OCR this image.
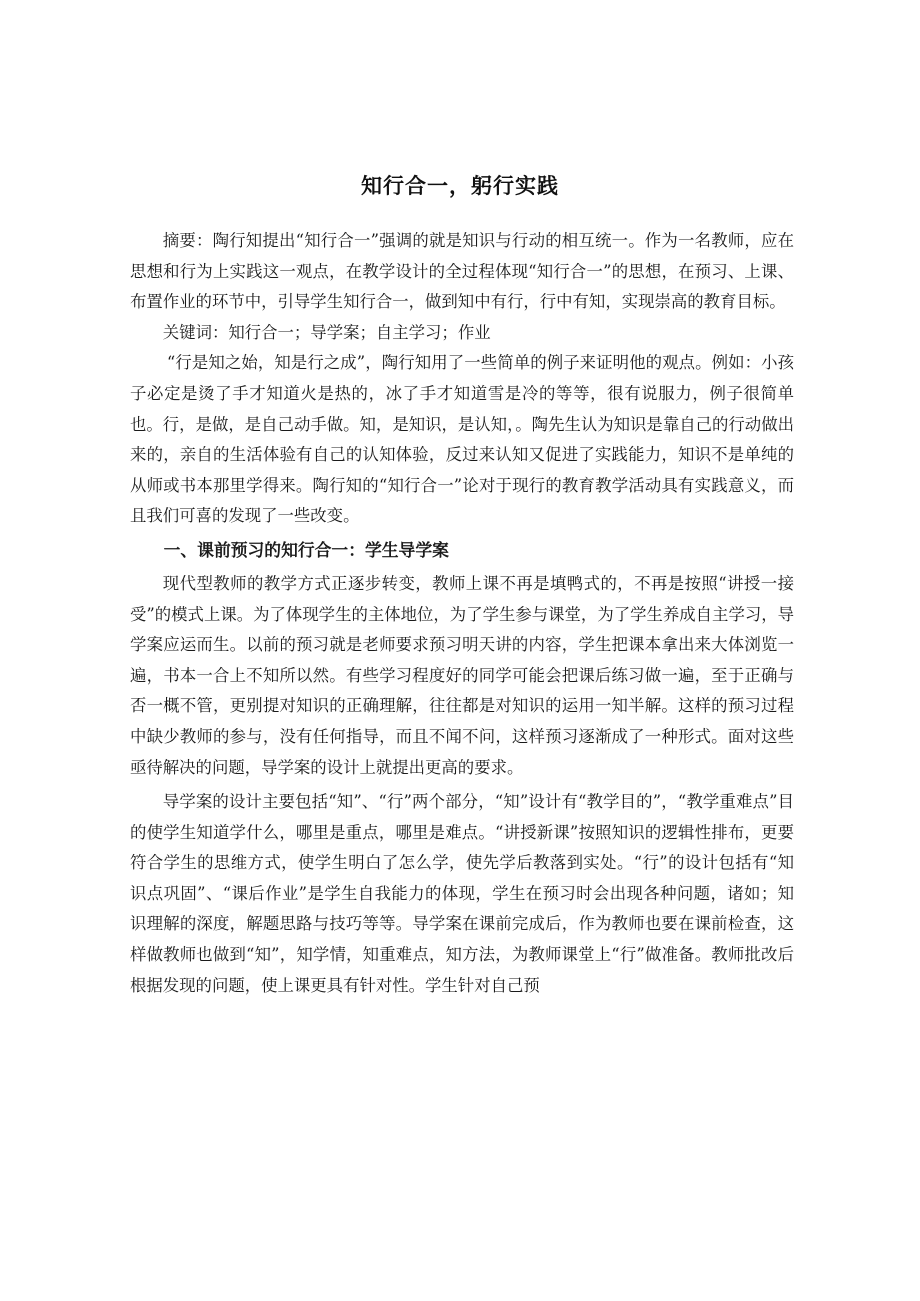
知行合一，躬行实践

摘要：陶行知提出“知行合一”强调的就是知识与行动的相互统一。作为一名教师，应在思想和行为上实践这一观点，在教学设计的全过程体现“知行合一”的思想，在预习、上课、布置作业的环节中，引导学生知行合一，做到知中有行，行中有知，实现崇高的教育目标。

关键词：知行合一；导学案；自主学习；作业

“行是知之始，知是行之成”，陶行知用了一些简单的例子来证明他的观点。例如：小孩子必定是烫了手才知道火是热的，冰了手才知道雪是冷的等等，很有说服力，例子很简单也。行，是做，是自己动手做。知，是知识，是认知，。陶先生认为知识是靠自己的行动做出来的，亲自的生活体验有自己的认知体验，反过来认知又促进了实践能力，知识不是单纯的从师或书本那里学得来。陶行知的“知行合一”论对于现行的教育教学活动具有实践意义，而且我们可喜的发现了一些改变。

一、课前预习的知行合一：学生导学案

现代型教师的教学方式正逐步转变，教师上课不再是填鸭式的，不再是按照“讲授一接受”的模式上课。为了体现学生的主体地位，为了学生参与课堂，为了学生养成自主学习，导学案应运而生。以前的预习就是老师要求预习明天讲的内容，学生把课本拿出来大体浏览一遍，书本一合上不知所以然。有些学习程度好的同学可能会把课后练习做一遍，至于正确与否一概不管，更别提对知识的正确理解，往往都是对知识的运用一知半解。这样的预习过程中缺少教师的参与，没有任何指导，而且不闻不问，这样预习逐渐成了一种形式。面对这些亟待解决的问题，导学案的设计上就提出更高的要求。

导学案的设计主要包括“知”、“行”两个部分，“知”设计有“教学目的”，“教学重难点”目的使学生知道学什么，哪里是重点，哪里是难点。“讲授新课”按照知识的逻辑性排布，更要符合学生的思维方式，使学生明白了怎么学，使先学后教落到实处。“行”的设计包括有“知识点巩固”、“课后作业”是学生自我能力的体现，学生在预习时会出现各种问题，诸如；知识理解的深度，解题思路与技巧等等。导学案在课前完成后，作为教师也要在课前检查，这样做教师也做到“知”，知学情，知重难点，知方法，为教师课堂上“行”做准备。教师批改后根据发现的问题，使上课更具有针对性。学生针对自己预
